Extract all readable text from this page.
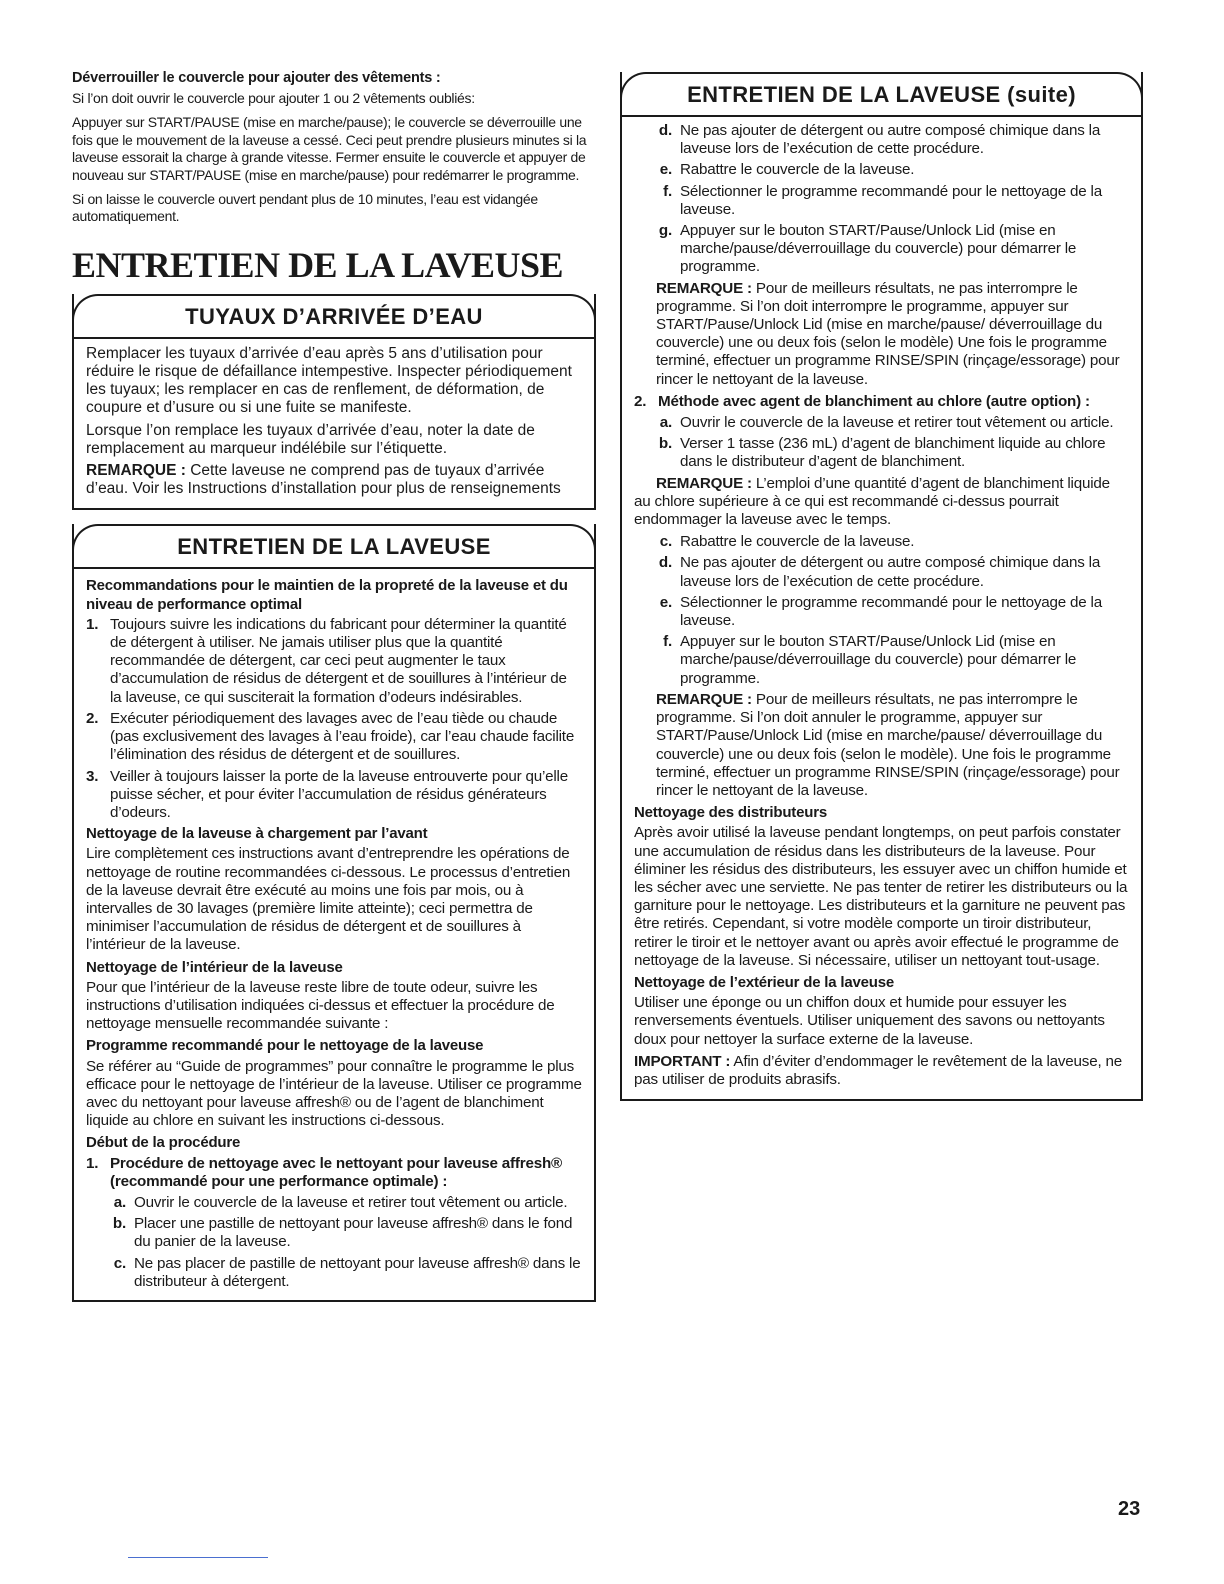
Déverrouiller le couvercle pour ajouter des vêtements :

Si l’on doit ouvrir le couvercle pour ajouter 1 ou 2 vêtements oubliés:

Appuyer sur START/PAUSE (mise en marche/pause); le couvercle se déverrouille une fois que le mouvement de la laveuse a cessé. Ceci peut prendre plusieurs minutes si la laveuse essorait la charge à grande vitesse. Fermer ensuite le couvercle et appuyer de nouveau sur START/PAUSE (mise en marche/pause) pour redémarrer le programme.

Si on laisse le couvercle ouvert pendant plus de 10 minutes, l’eau est vidangée automatiquement.

ENTRETIEN DE LA LAVEUSE
TUYAUX D’ARRIVÉE D’EAU

Remplacer les tuyaux d’arrivée d’eau après 5 ans d’utilisation pour réduire le risque de défaillance intempestive. Inspecter périodiquement les tuyaux; les remplacer en cas de renflement, de déformation, de coupure et d’usure ou si une fuite se manifeste.

Lorsque l’on remplace les tuyaux d’arrivée d’eau, noter la date de remplacement au marqueur indélébile sur l’étiquette.

REMARQUE : Cette laveuse ne comprend pas de tuyaux d’arrivée d’eau. Voir les Instructions d’installation pour plus de renseignements

ENTRETIEN DE LA LAVEUSE
Recommandations pour le maintien de la propreté de la laveuse et du niveau de performance optimal
1. Toujours suivre les indications du fabricant pour déterminer la quantité de détergent à utiliser. Ne jamais utiliser plus que la quantité recommandée de détergent, car ceci peut augmenter le taux d’accumulation de résidus de détergent et de souillures à l’intérieur de la laveuse, ce qui susciterait la formation d’odeurs indésirables.
2. Exécuter périodiquement des lavages avec de l’eau tiède ou chaude (pas exclusivement des lavages à l’eau froide), car l’eau chaude facilite l’élimination des résidus de détergent et de souillures.
3. Veiller à toujours laisser la porte de la laveuse entrouverte pour qu’elle puisse sécher, et pour éviter l’accumulation de résidus générateurs d’odeurs.
Nettoyage de la laveuse à chargement par l’avant
Lire complètement ces instructions avant d’entreprendre les opérations de nettoyage de routine recommandées ci-dessous. Le processus d’entretien de la laveuse devrait être exécuté au moins une fois par mois, ou à intervalles de 30 lavages (première limite atteinte); ceci permettra de minimiser l’accumulation de résidus de détergent et de souillures à l’intérieur de la laveuse.
Nettoyage de l’intérieur de la laveuse
Pour que l’intérieur de la laveuse reste libre de toute odeur, suivre les instructions d’utilisation indiquées ci-dessus et effectuer la procédure de nettoyage mensuelle recommandée suivante :
Programme recommandé pour le nettoyage de la laveuse
Se référer au “Guide de programmes” pour connaître le programme le plus efficace pour le nettoyage de l’intérieur de la laveuse. Utiliser ce programme avec du nettoyant pour laveuse affresh® ou de l’agent de blanchiment liquide au chlore en suivant les instructions ci-dessous.
Début de la procédure
1. Procédure de nettoyage avec le nettoyant pour laveuse affresh® (recommandé pour une performance optimale) :
a. Ouvrir le couvercle de la laveuse et retirer tout vêtement ou article.
b. Placer une pastille de nettoyant pour laveuse affresh® dans le fond du panier de la laveuse.
c. Ne pas placer de pastille de nettoyant pour laveuse affresh® dans le distributeur à détergent.
ENTRETIEN DE LA LAVEUSE (suite)
d. Ne pas ajouter de détergent ou autre composé chimique dans la laveuse lors de l’exécution de cette procédure.
e. Rabattre le couvercle de la laveuse.
f. Sélectionner le programme recommandé pour le nettoyage de la laveuse.
g. Appuyer sur le bouton START/Pause/Unlock Lid (mise en marche/pause/déverrouillage du couvercle) pour démarrer le programme.
REMARQUE : Pour de meilleurs résultats, ne pas interrompre le programme. Si l’on doit interrompre le programme, appuyer sur START/Pause/Unlock Lid (mise en marche/pause/ déverrouillage du couvercle) une ou deux fois (selon le modèle) Une fois le programme terminé, effectuer un programme RINSE/SPIN (rinçage/essorage) pour rincer le nettoyant de la laveuse.
2. Méthode avec agent de blanchiment au chlore (autre option) :
a. Ouvrir le couvercle de la laveuse et retirer tout vêtement ou article.
b. Verser 1 tasse (236 mL) d’agent de blanchiment liquide au chlore dans le distributeur d’agent de blanchiment.
REMARQUE : L’emploi d’une quantité d’agent de blanchiment liquide au chlore supérieure à ce qui est recommandé ci-dessus pourrait endommager la laveuse avec le temps.
c. Rabattre le couvercle de la laveuse.
d. Ne pas ajouter de détergent ou autre composé chimique dans la laveuse lors de l’exécution de cette procédure.
e. Sélectionner le programme recommandé pour le nettoyage de la laveuse.
f. Appuyer sur le bouton START/Pause/Unlock Lid (mise en marche/pause/déverrouillage du couvercle) pour démarrer le programme.
REMARQUE : Pour de meilleurs résultats, ne pas interrompre le programme. Si l’on doit annuler le programme, appuyer sur START/Pause/Unlock Lid (mise en marche/pause/ déverrouillage du couvercle) une ou deux fois (selon le modèle). Une fois le programme terminé, effectuer un programme RINSE/SPIN (rinçage/essorage) pour rincer le nettoyant de la laveuse.
Nettoyage des distributeurs
Après avoir utilisé la laveuse pendant longtemps, on peut parfois constater une accumulation de résidus dans les distributeurs de la laveuse. Pour éliminer les résidus des distributeurs, les essuyer avec un chiffon humide et les sécher avec une serviette. Ne pas tenter de retirer les distributeurs ou la garniture pour le nettoyage. Les distributeurs et la garniture ne peuvent pas être retirés. Cependant, si votre modèle comporte un tiroir distributeur, retirer le tiroir et le nettoyer avant ou après avoir effectué le programme de nettoyage de la laveuse. Si nécessaire, utiliser un nettoyant tout-usage.
Nettoyage de l’extérieur de la laveuse
Utiliser une éponge ou un chiffon doux et humide pour essuyer les renversements éventuels. Utiliser uniquement des savons ou nettoyants doux pour nettoyer la surface externe de la laveuse.
IMPORTANT : Afin d’éviter d’endommager le revêtement de la laveuse, ne pas utiliser de produits abrasifs.
23
